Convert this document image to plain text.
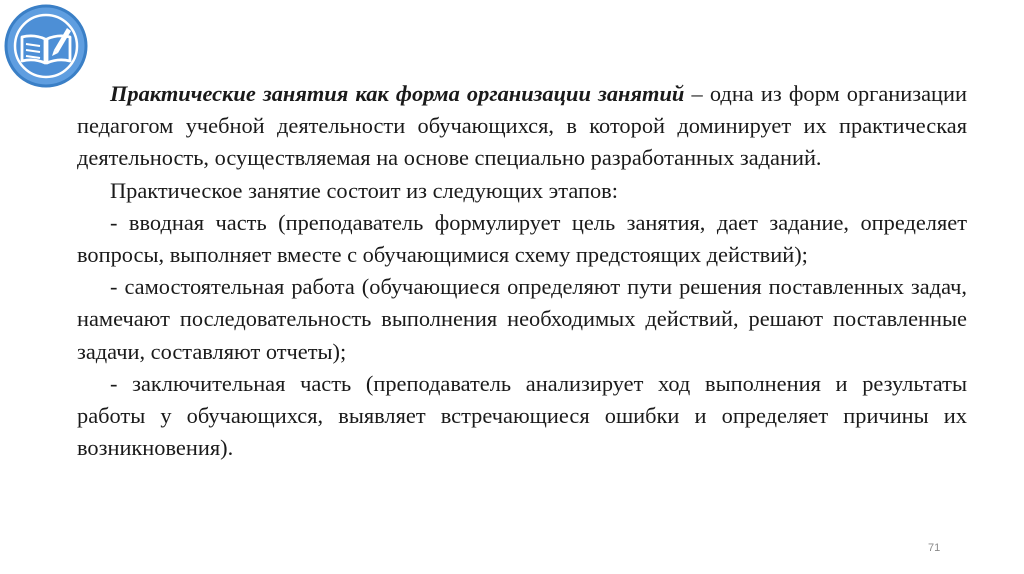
Практические занятия как форма организации занятий – одна из форм организации педагогом учебной деятельности обучающихся, в которой доминирует их практическая деятельность, осуществляемая на основе специально разработанных заданий.

Практическое занятие состоит из следующих этапов:

- вводная часть (преподаватель формулирует цель занятия, дает задание, определяет вопросы, выполняет вместе с обучающимися схему предстоящих действий);

- самостоятельная работа (обучающиеся определяют пути решения поставленных задач, намечают последовательность выполнения необходимых действий, решают поставленные задачи, составляют отчеты);

- заключительная часть (преподаватель анализирует ход выполнения и результаты работы у обучающихся, выявляет встречающиеся ошибки и определяет причины их возникновения).

71
